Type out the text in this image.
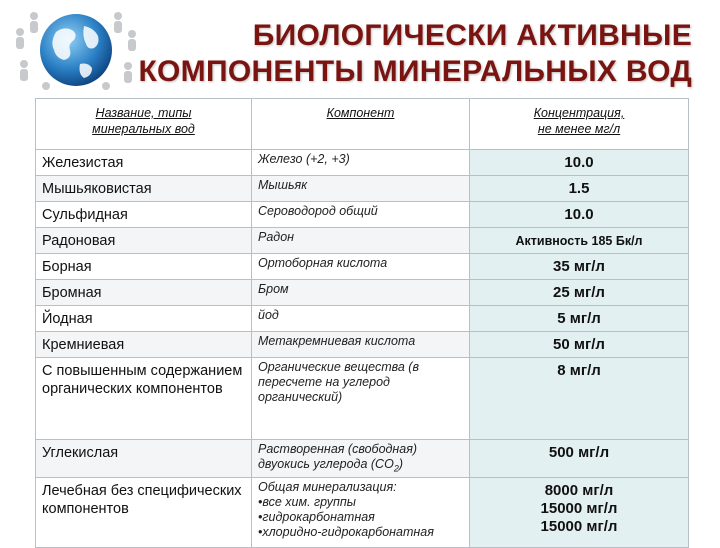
БИОЛОГИЧЕСКИ АКТИВНЫЕ
КОМПОНЕНТЫ МИНЕРАЛЬНЫХ ВОД
Название, типы
минеральных вод	Компонент	Концентрация,
не менее мг/л
Железистая	Железо (+2, +3)	10.0
Мышьяковистая	Мышьяк	1.5
Сульфидная	Сероводород общий	10.0
Радоновая	Радон	Активность 185 Бк/л
Борная	Ортоборная кислота	35 мг/л
Бромная	Бром	25 мг/л
Йодная	йод	5 мг/л
Кремниевая	Метакремниевая кислота	50 мг/л
С повышенным содержанием органических компонентов	Органические вещества (в пересчете на углерод органический)	8 мг/л
Углекислая	Растворенная (свободная) двуокись углерода $(CO_2)$	500 мг/л
Лечебная без специфических компонентов	Общая минерализация:
•все хим. группы
•гидрокарбонатная
•хлоридно-гидрокарбонатная	8000 мг/л
15000 мг/л
15000 мг/л
